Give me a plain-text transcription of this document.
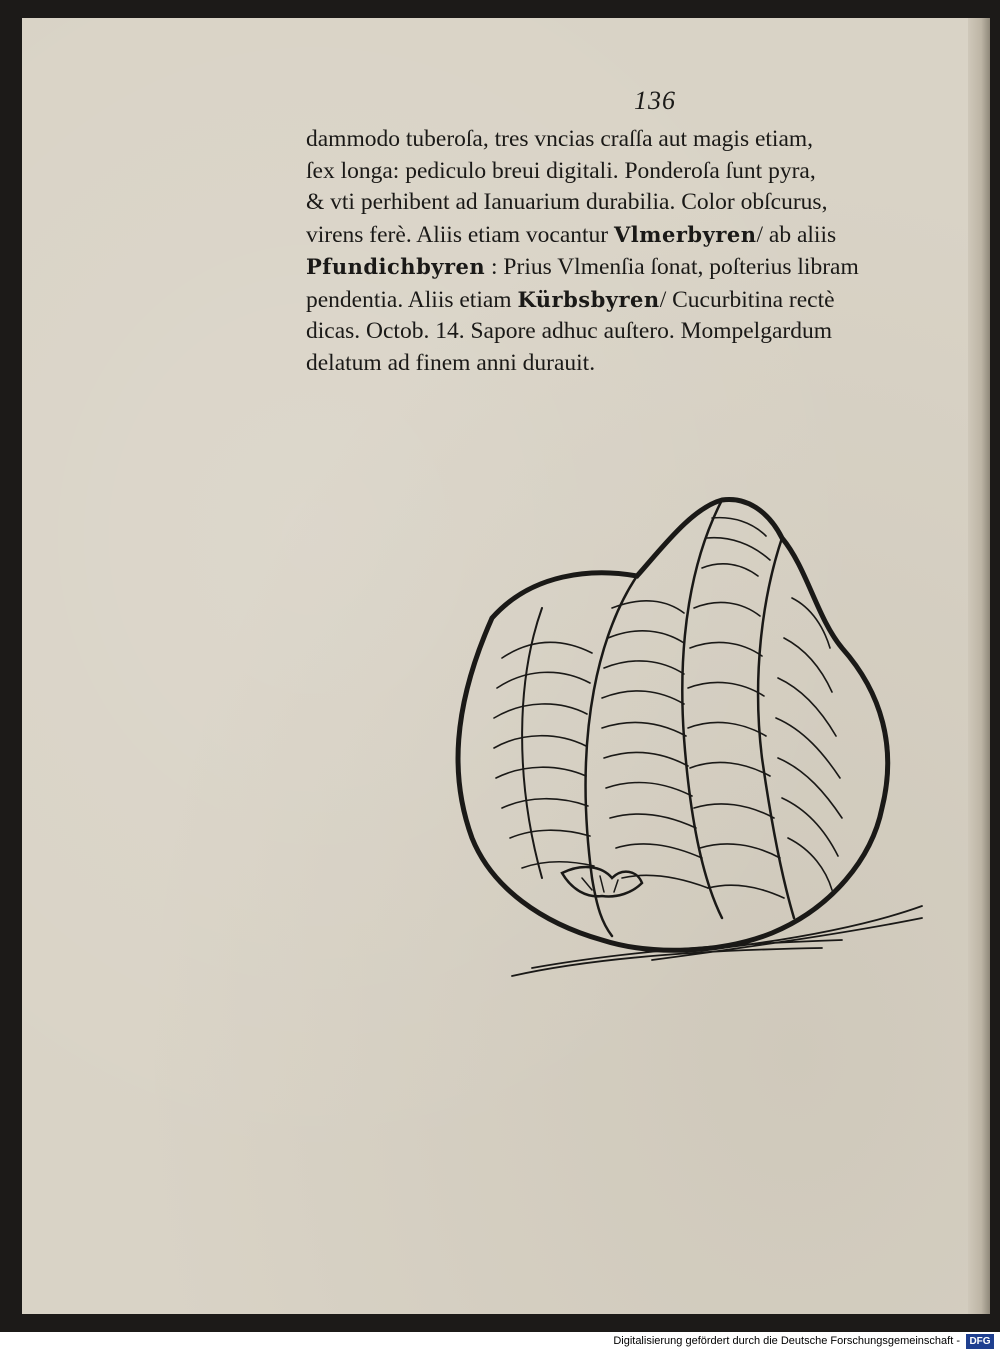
136
dammodo tuberoſa, tres vncias craſſa aut magis etiam,
ſex longa: pediculo breui digitali. Ponderoſa ſunt pyra,
& vti perhibent ad Ianuarium durabilia. Color obſcurus,
virens ferè. Aliis etiam vocantur Vlmerbyren/ ab aliis
Pfundichbyren : Prius Vlmenſia ſonat, poſterius libram
pendentia. Aliis etiam Kürbsbyren/ Cucurbitina rectè
dicas. Octob. 14. Sapore adhuc auſtero. Mompelgardum
delatum ad finem anni durauit.
Digitalisierung gefördert durch die Deutsche Forschungsgemeinschaft - DFG
